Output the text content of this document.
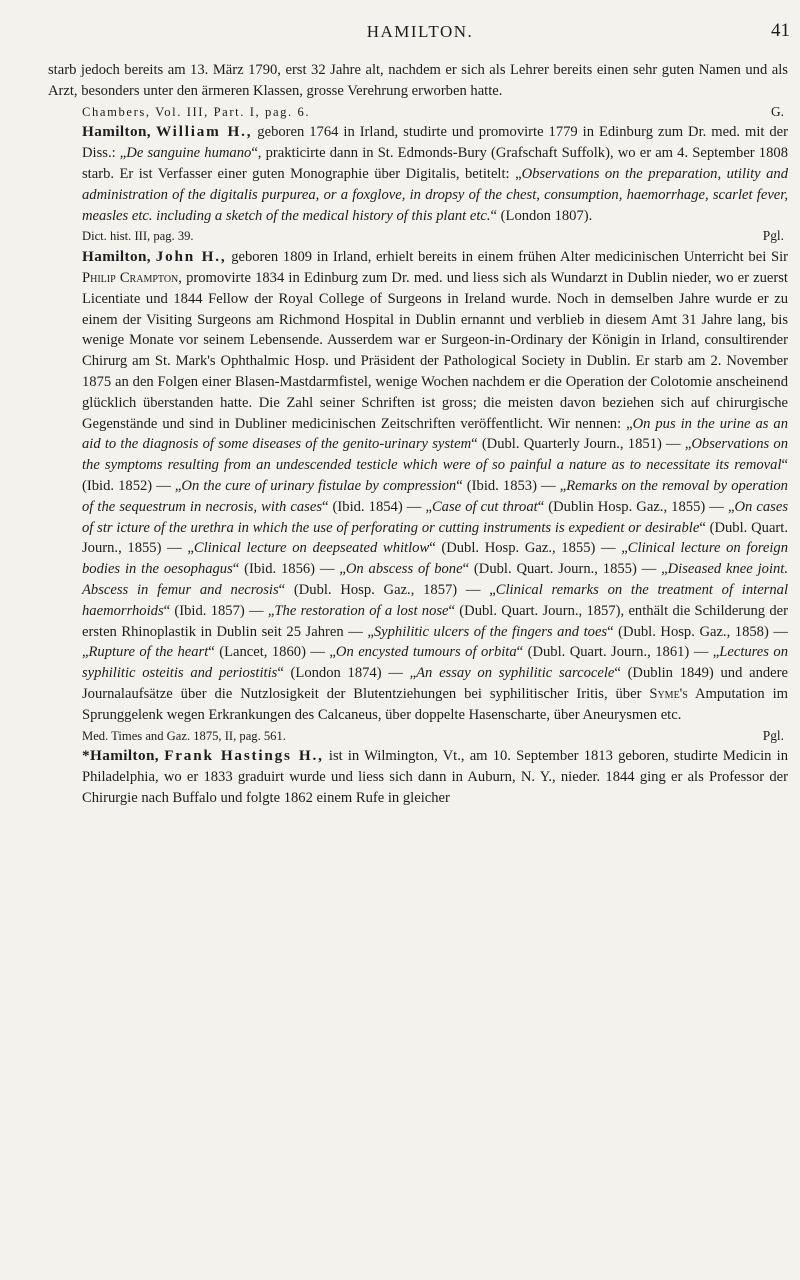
HAMILTON.	41

starb jedoch bereits am 13. März 1790, erst 32 Jahre alt, nachdem er sich als Lehrer bereits einen sehr guten Namen und als Arzt, besonders unter den ärmeren Klassen, grosse Verehrung erworben hatte.

Chambers, Vol. III, Part. I, pag. 6.	G.

Hamilton, William H., geboren 1764 in Irland, studirte und promovirte 1779 in Edinburg zum Dr. med. mit der Diss.: „De sanguine humano“, prakticirte dann in St. Edmonds-Bury (Grafschaft Suffolk), wo er am 4. September 1808 starb. Er ist Verfasser einer guten Monographie über Digitalis, betitelt: „Observations on the preparation, utility and administration of the digitalis purpurea, or a foxglove, in dropsy of the chest, consumption, haemorrhage, scarlet fever, measles etc. including a sketch of the medical history of this plant etc.“ (London 1807).

Dict. hist. III, pag. 39.	Pgl.

Hamilton, John H., geboren 1809 in Irland, erhielt bereits in einem frühen Alter medicinischen Unterricht bei Sir Philip Crampton, promovirte 1834 in Edinburg zum Dr. med. und liess sich als Wundarzt in Dublin nieder, wo er zuerst Licentiate und 1844 Fellow der Royal College of Surgeons in Ireland wurde. Noch in demselben Jahre wurde er zu einem der Visiting Surgeons am Richmond Hospital in Dublin ernannt und verblieb in diesem Amt 31 Jahre lang, bis wenige Monate vor seinem Lebensende. Ausserdem war er Surgeon-in-Ordinary der Königin in Irland, consultirender Chirurg am St. Mark's Ophthalmic Hosp. und Präsident der Pathological Society in Dublin. Er starb am 2. November 1875 an den Folgen einer Blasen-Mastdarmfistel, wenige Wochen nachdem er die Operation der Colotomie anscheinend glücklich überstanden hatte. Die Zahl seiner Schriften ist gross; die meisten davon beziehen sich auf chirurgische Gegenstände und sind in Dubliner medicinischen Zeitschriften veröffentlicht. Wir nennen: „On pus in the urine as an aid to the diagnosis of some diseases of the genito-urinary system“ (Dubl. Quarterly Journ., 1851) — „Observations on the symptoms resulting from an undescended testicle which were of so painful a nature as to necessitate its removal“ (Ibid. 1852) — „On the cure of urinary fistulae by compression“ (Ibid. 1853) — „Remarks on the removal by operation of the sequestrum in necrosis, with cases“ (Ibid. 1854) — „Case of cut throat“ (Dublin Hosp. Gaz., 1855) — „On cases of str icture of the urethra in which the use of perforating or cutting instruments is expedient or desirable“ (Dubl. Quart. Journ., 1855) — „Clinical lecture on deepseated whitlow“ (Dubl. Hosp. Gaz., 1855) — „Clinical lecture on foreign bodies in the oesophagus“ (Ibid. 1856) — „On abscess of bone“ (Dubl. Quart. Journ., 1855) — „Diseased knee joint. Abscess in femur and necrosis“ (Dubl. Hosp. Gaz., 1857) — „Clinical remarks on the treatment of internal haemorrhoids“ (Ibid. 1857) — „The restoration of a lost nose“ (Dubl. Quart. Journ., 1857), enthält die Schilderung der ersten Rhinoplastik in Dublin seit 25 Jahren — „Syphilitic ulcers of the fingers and toes“ (Dubl. Hosp. Gaz., 1858) — „Rupture of the heart“ (Lancet, 1860) — „On encysted tumours of orbita“ (Dubl. Quart. Journ., 1861) — „Lectures on syphilitic osteitis and periostitis“ (London 1874) — „An essay on syphilitic sarcocele“ (Dublin 1849) und andere Journalaufsätze über die Nutzlosigkeit der Blutentziehungen bei syphilitischer Iritis, über Syme's Amputation im Sprunggelenk wegen Erkrankungen des Calcaneus, über doppelte Hasenscharte, über Aneurysmen etc.

Med. Times and Gaz. 1875, II, pag. 561.	Pgl.

*Hamilton, Frank Hastings H., ist in Wilmington, Vt., am 10. September 1813 geboren, studirte Medicin in Philadelphia, wo er 1833 graduirt wurde und liess sich dann in Auburn, N. Y., nieder. 1844 ging er als Professor der Chirurgie nach Buffalo und folgte 1862 einem Rufe in gleicher
